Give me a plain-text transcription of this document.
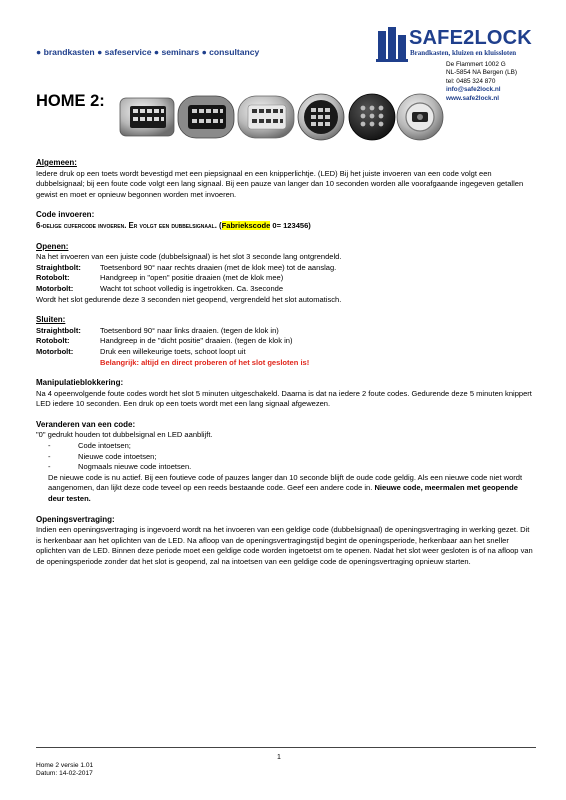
● brandkasten ● safeservice ● seminars ● consultancy
SAFE2LOCK
Brandkasten, kluizen en kluissloten
De Flammert 1002 G
NL-5854 NA Bergen (LB)
tel: 0485 324 870
info@safe2lock.nl
www.safe2lock.nl
HOME 2:
Algemeen:
Iedere druk op een toets wordt bevestigd met een piepsignaal en een knipperlichtje. (LED) Bij het juiste invoeren van een code volgt een dubbelsignaal; bij een foute code volgt een lang signaal. Bij een pauze van langer dan 10 seconden worden alle voorafgaande ingegeven getallen gewist en moet er opnieuw begonnen worden met invoeren.
Code invoeren:
6-delige cijfercode invoeren. Er volgt een dubbelsignaal. (Fabriekscode 0= 123456)
Openen:
Na het invoeren van een juiste code (dubbelsignaal) is het slot 3 seconde lang ontgrendeld.
Straightbolt:	Toetsenbord 90° naar rechts draaien (met de klok mee) tot de aanslag.
Rotobolt:	Handgreep in "open" positie draaien (met de klok mee)
Motorbolt:	Wacht tot schoot volledig is ingetrokken. Ca. 3seconde
Wordt het slot gedurende deze 3 seconden niet geopend, vergrendeld het slot automatisch.
Sluiten:
Straightbolt:	Toetsenbord 90° naar links draaien. (tegen de klok in)
Rotobolt:	Handgreep in de "dicht positie" draaien. (tegen de klok in)
Motorbolt:	Druk een willekeurige toets, schoot loopt uit
Belangrijk: altijd en direct proberen of het slot gesloten is!
Manipulatieblokkering:
Na 4 opeenvolgende foute codes wordt het slot 5 minuten uitgeschakeld. Daarna is dat na iedere 2 foute codes. Gedurende deze 5 minuten knippert LED iedere 10 seconden. Een druk op een toets wordt met een lang signaal afgewezen.
Veranderen van een code:
"0" gedrukt houden tot dubbelsignal en LED aanblijft.
-	Code intoetsen;
-	Nieuwe code intoetsen;
-	Nogmaals nieuwe code intoetsen.
De nieuwe code is nu actief. Bij een foutieve code of pauzes langer dan 10 seconde blijft de oude code geldig. Als een nieuwe code niet wordt aangenomen, dan lijkt deze code teveel op een reeds bestaande code. Geef een andere code in. Nieuwe code, meermalen met geopende deur testen.
Openingsvertraging:
Indien een openingsvertraging is ingevoerd wordt na het invoeren van een geldige code (dubbelsignaal) de openingsvertraging in werking gezet. Dit is herkenbaar aan het oplichten van de LED. Na afloop van de openingsvertragingstijd begint de openingsperiode, herkenbaar aan het sneller oplichten van de LED. Binnen deze periode moet een geldige code worden ingetoetst om te openen. Nadat het slot weer gesloten is of na afloop van de openingsperiode zonder dat het slot is geopend, zal na intoetsen van een geldige code de openingsvertraging opnieuw starten.
1
Home 2 versie 1.01
Datum: 14-02-2017
